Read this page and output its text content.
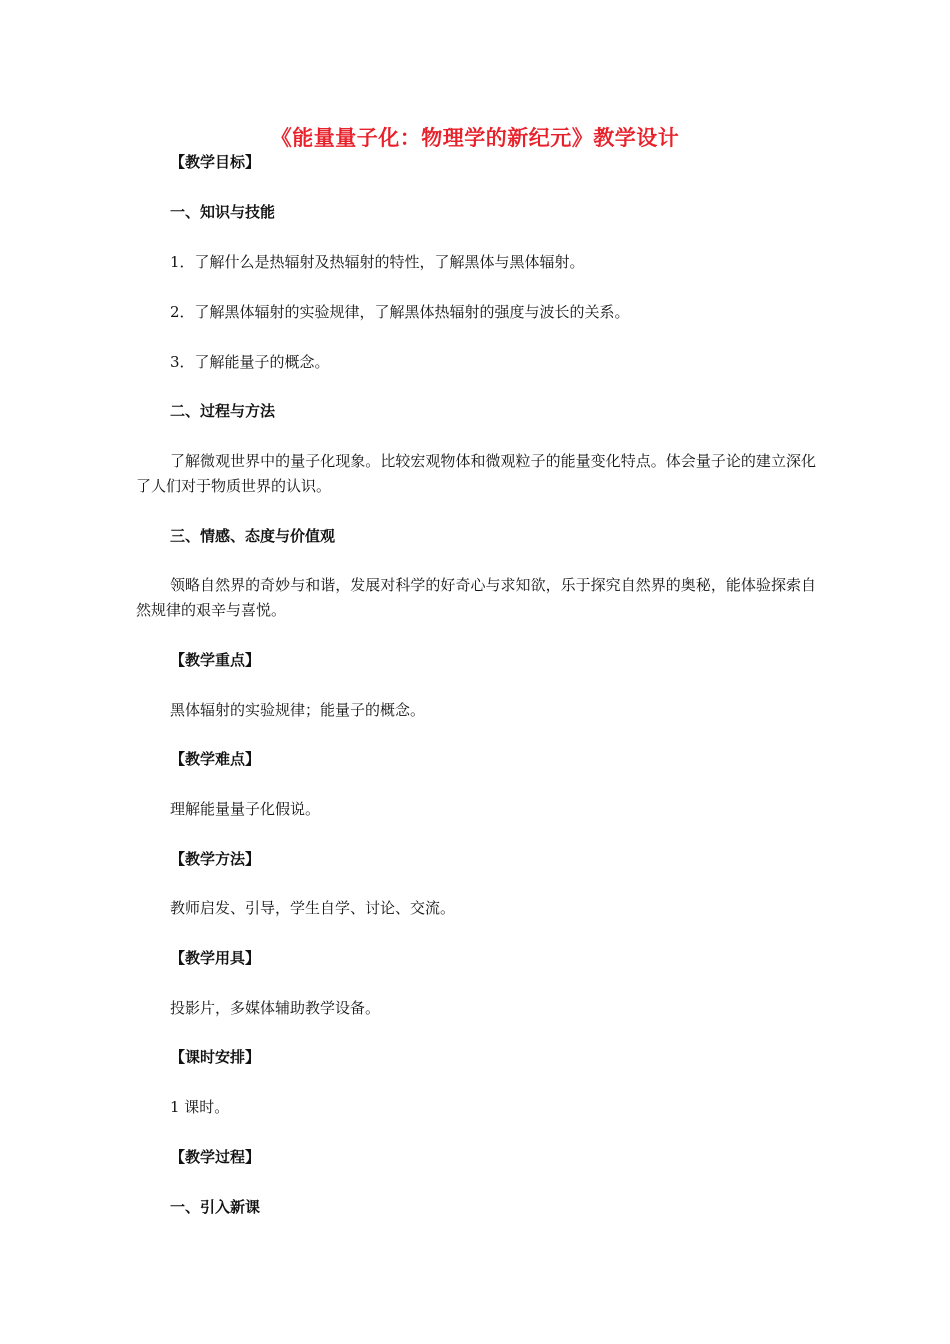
《能量量子化：物理学的新纪元》教学设计
【教学目标】
一、知识与技能
1．了解什么是热辐射及热辐射的特性，了解黑体与黑体辐射。
2．了解黑体辐射的实验规律，了解黑体热辐射的强度与波长的关系。
3．了解能量子的概念。
二、过程与方法
了解微观世界中的量子化现象。比较宏观物体和微观粒子的能量变化特点。体会量子论的建立深化了人们对于物质世界的认识。
三、情感、态度与价值观
领略自然界的奇妙与和谐，发展对科学的好奇心与求知欲，乐于探究自然界的奥秘，能体验探索自然规律的艰辛与喜悦。
【教学重点】
黑体辐射的实验规律；能量子的概念。
【教学难点】
理解能量量子化假说。
【教学方法】
教师启发、引导，学生自学、讨论、交流。
【教学用具】
投影片，多媒体辅助教学设备。
【课时安排】
1 课时。
【教学过程】
一、引入新课
